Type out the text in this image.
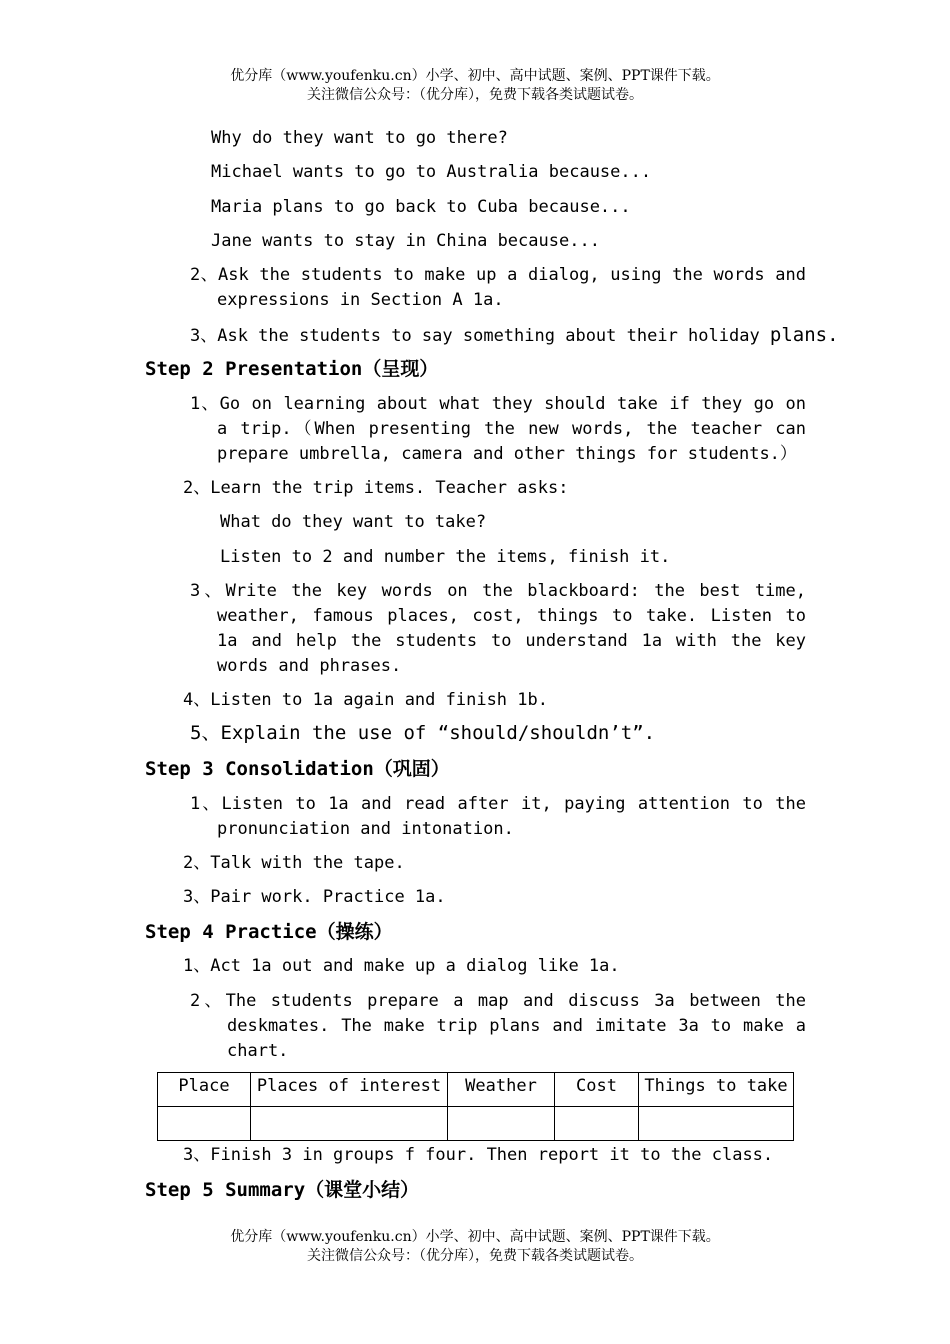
优分库（www.youfenku.cn）小学、初中、高中试题、案例、PPT课件下载。
关注微信公众号：（优分库），免费下载各类试题试卷。
Why do they want to go there?
Michael wants to go to Australia because...
Maria plans to go back to Cuba because...
Jane wants to stay in China because...
2、Ask the students to make up a dialog, using the words and expressions in Section A 1a.
3、Ask the students to say something about their holiday plans.
Step 2 Presentation（呈现）
1、Go on learning about what they should take if they go on a trip.（When presenting the new words, the teacher can prepare umbrella, camera and other things for students.）
2、Learn the trip items. Teacher asks:
What do they want to take?
Listen to 2 and number the items, finish it.
3、Write the key words on the blackboard: the best time, weather, famous places, cost, things to take. Listen to 1a and help the students to understand 1a with the key words and phrases.
4、Listen to 1a again and finish 1b.
5、Explain the use of “should/shouldn’t”.
Step 3 Consolidation（巩固）
1、Listen to 1a and read after it, paying attention to the pronunciation and intonation.
2、Talk with the tape.
3、Pair work. Practice 1a.
Step 4 Practice（操练）
1、Act 1a out and make up a dialog like 1a.
2、The students prepare a map and discuss 3a between the deskmates. The make trip plans and imitate 3a to make a chart.
Place	Places of interest	Weather	Cost	Things to take

3、Finish 3 in groups f four. Then report it to the class.
Step 5 Summary（课堂小结）
优分库（www.youfenku.cn）小学、初中、高中试题、案例、PPT课件下载。
关注微信公众号：（优分库），免费下载各类试题试卷。
